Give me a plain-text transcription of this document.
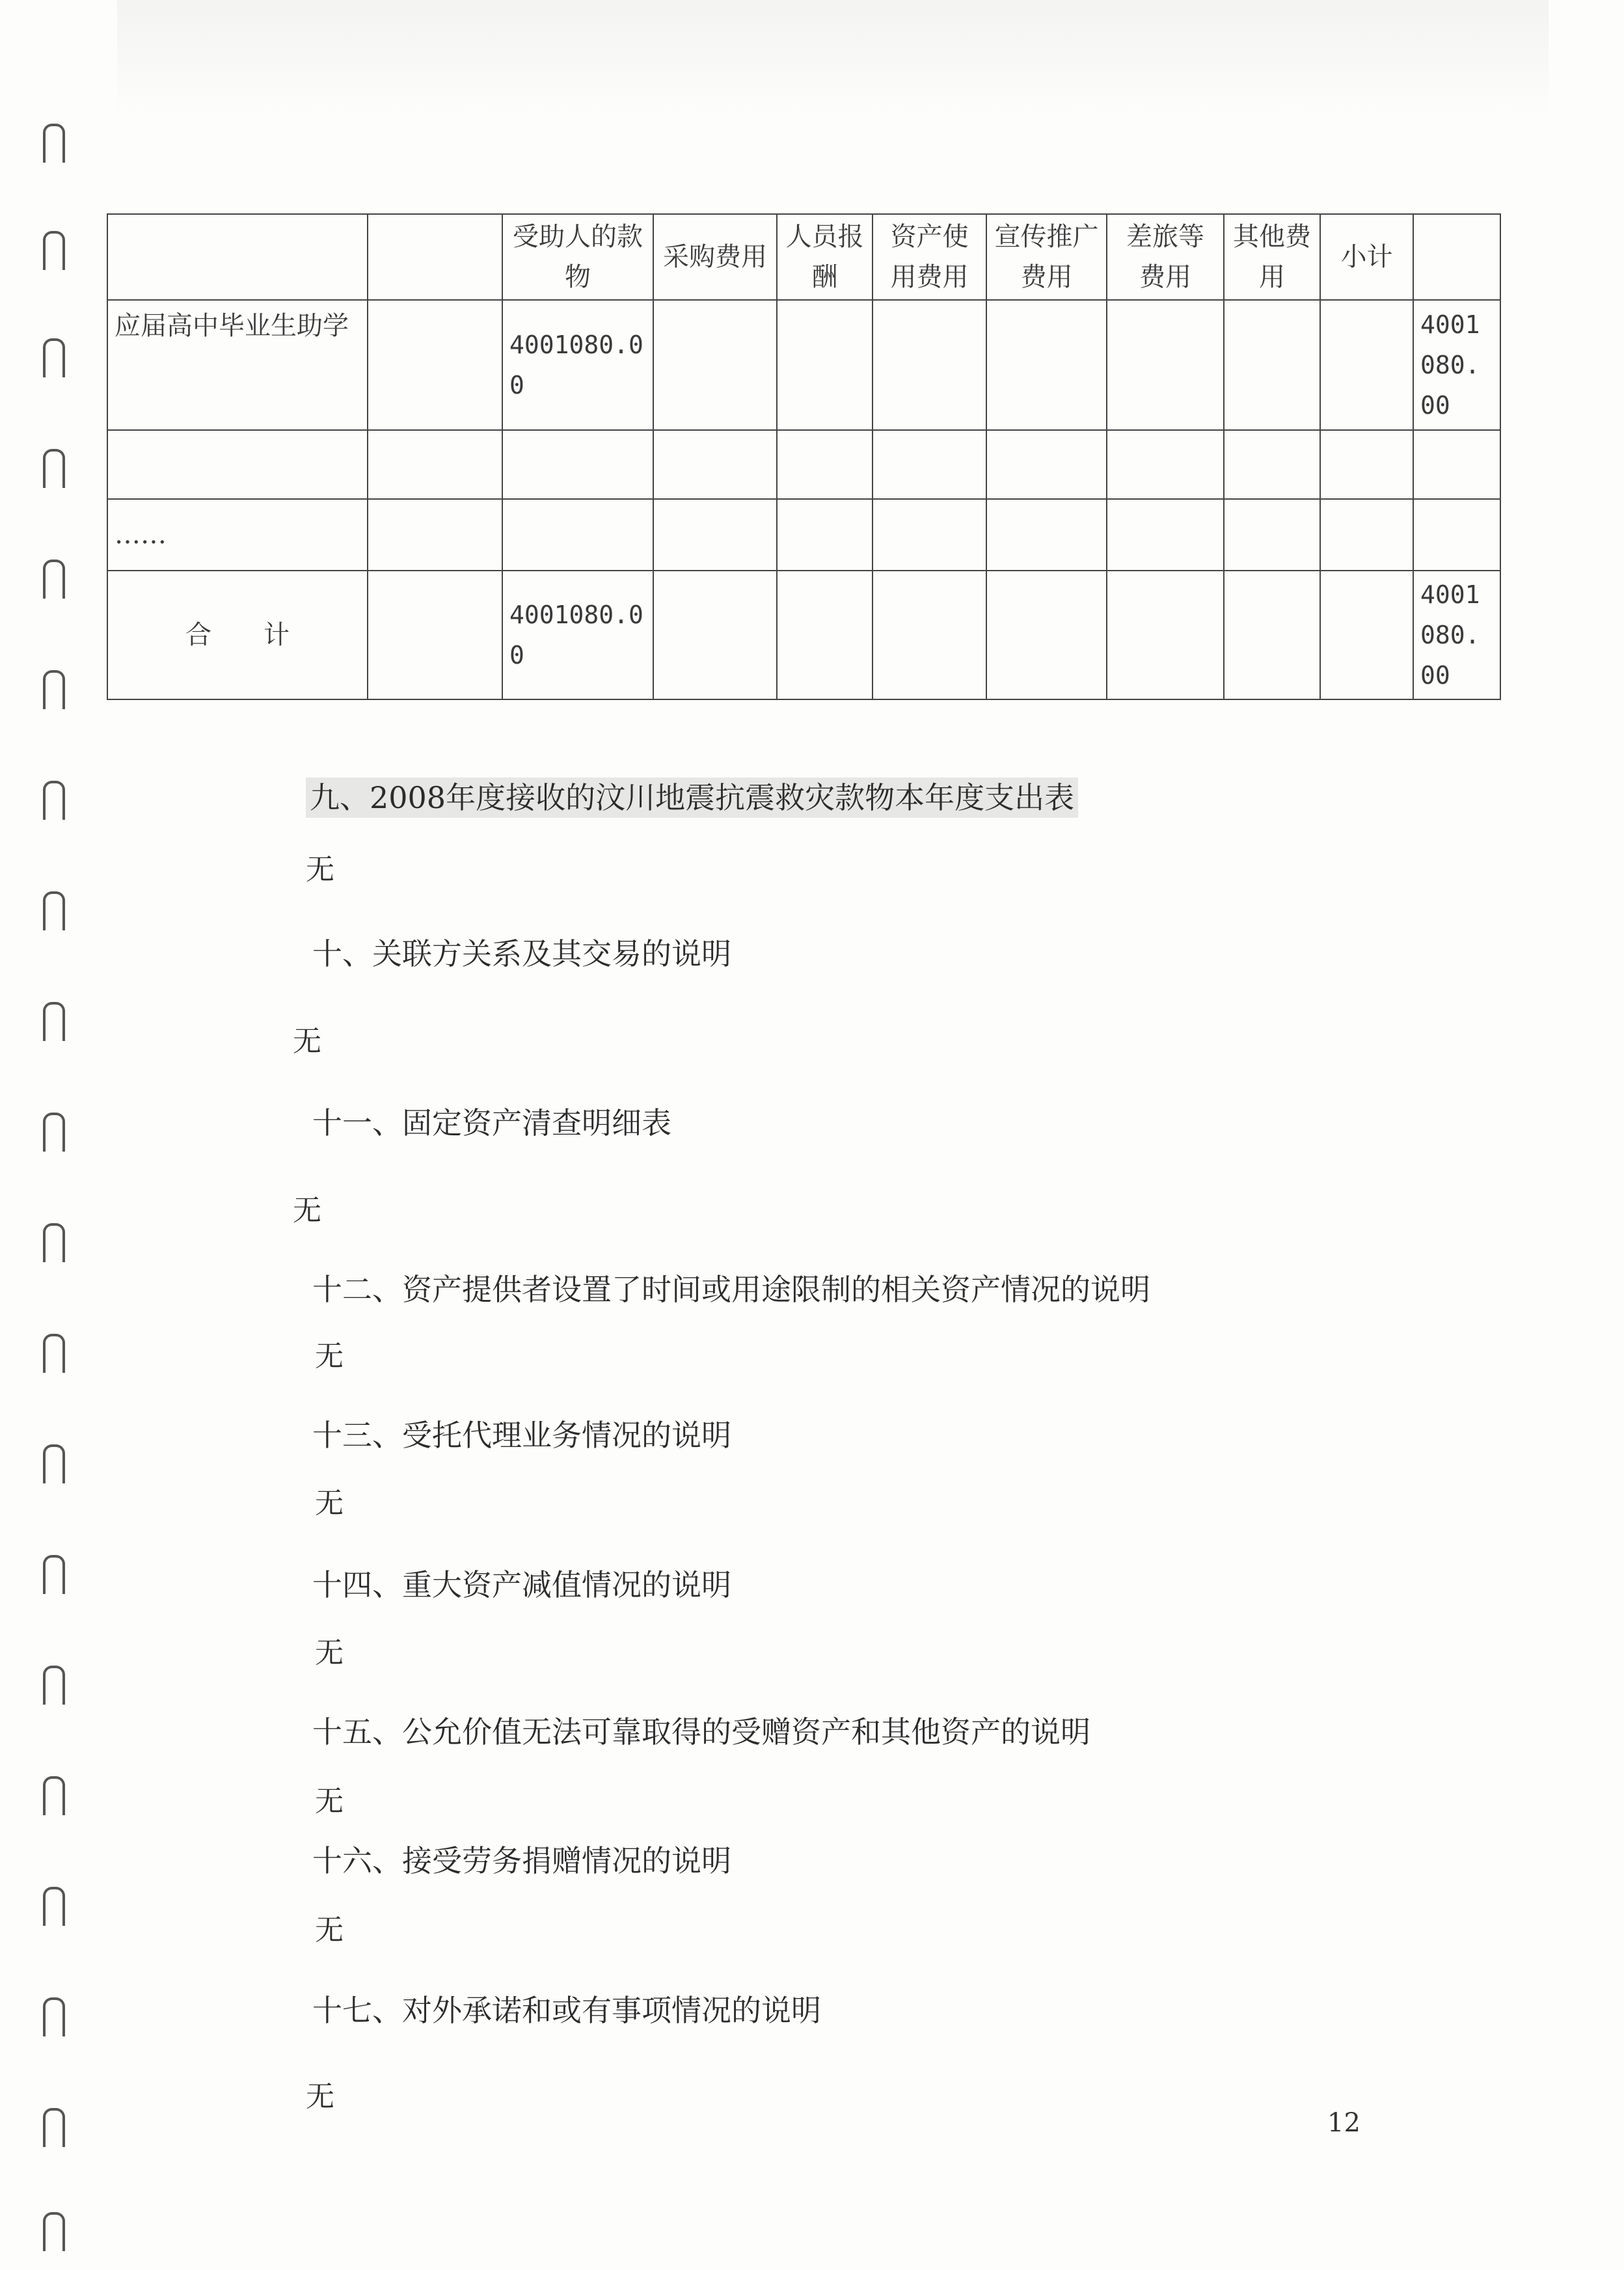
		受助人的款物	采购费用	人员报酬	资产使用费用	宣传推广费用	差旅等费用	其他费用	小计	
应届高中毕业生助学		4001080.00								4001080.00

……										
合　　计		4001080.00								4001080.00
九、2008年度接收的汶川地震抗震救灾款物本年度支出表
无
十、关联方关系及其交易的说明
无
十一、固定资产清查明细表
无
十二、资产提供者设置了时间或用途限制的相关资产情况的说明
无
十三、受托代理业务情况的说明
无
十四、重大资产减值情况的说明
无
十五、公允价值无法可靠取得的受赠资产和其他资产的说明
无
十六、接受劳务捐赠情况的说明
无
十七、对外承诺和或有事项情况的说明
无
12
